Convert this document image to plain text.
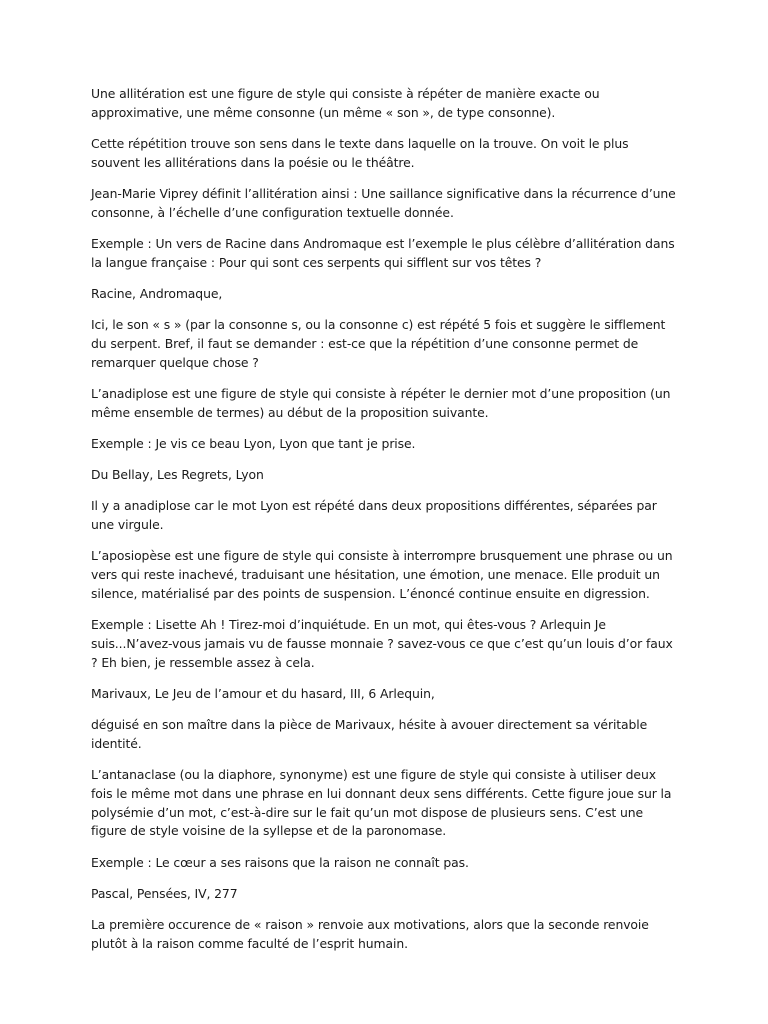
Une allitération est une figure de style qui consiste à répéter de manière exacte ou approximative, une même consonne (un même « son », de type consonne).

Cette répétition trouve son sens dans le texte dans laquelle on la trouve. On voit le plus souvent les allitérations dans la poésie ou le théâtre.

Jean-Marie Viprey définit l’allitération ainsi : Une saillance significative dans la récurrence d’une consonne, à l’échelle d’une configuration textuelle donnée.

Exemple : Un vers de Racine dans Andromaque est l’exemple le plus célèbre d’allitération dans la langue française : Pour qui sont ces serpents qui sifflent sur vos têtes ?

Racine, Andromaque,

Ici, le son « s » (par la consonne s, ou la consonne c) est répété 5 fois et suggère le sifflement du serpent. Bref, il faut se demander : est-ce que la répétition d’une consonne permet de remarquer quelque chose ?

L’anadiplose est une figure de style qui consiste à répéter le dernier mot d’une proposition (un même ensemble de termes) au début de la proposition suivante.

Exemple : Je vis ce beau Lyon, Lyon que tant je prise.

Du Bellay, Les Regrets, Lyon

Il y a anadiplose car le mot Lyon est répété dans deux propositions différentes, séparées par une virgule.

L’aposiopèse est une figure de style qui consiste à interrompre brusquement une phrase ou un vers qui reste inachevé, traduisant une hésitation, une émotion, une menace. Elle produit un silence, matérialisé par des points de suspension. L’énoncé continue ensuite en digression.

Exemple : Lisette Ah ! Tirez-moi d’inquiétude. En un mot, qui êtes-vous ? Arlequin Je suis...N’avez-vous jamais vu de fausse monnaie ? savez-vous ce que c’est qu’un louis d’or faux ? Eh bien, je ressemble assez à cela.

Marivaux, Le Jeu de l’amour et du hasard, III, 6 Arlequin,

déguisé en son maître dans la pièce de Marivaux, hésite à avouer directement sa véritable identité.

L’antanaclase (ou la diaphore, synonyme) est une figure de style qui consiste à utiliser deux fois le même mot dans une phrase en lui donnant deux sens différents. Cette figure joue sur la polysémie d’un mot, c’est-à-dire sur le fait qu’un mot dispose de plusieurs sens. C’est une figure de style voisine de la syllepse et de la paronomase.

Exemple : Le cœur a ses raisons que la raison ne connaît pas.

Pascal, Pensées, IV, 277

La première occurence de « raison » renvoie aux motivations, alors que la seconde renvoie plutôt à la raison comme faculté de l’esprit humain.
